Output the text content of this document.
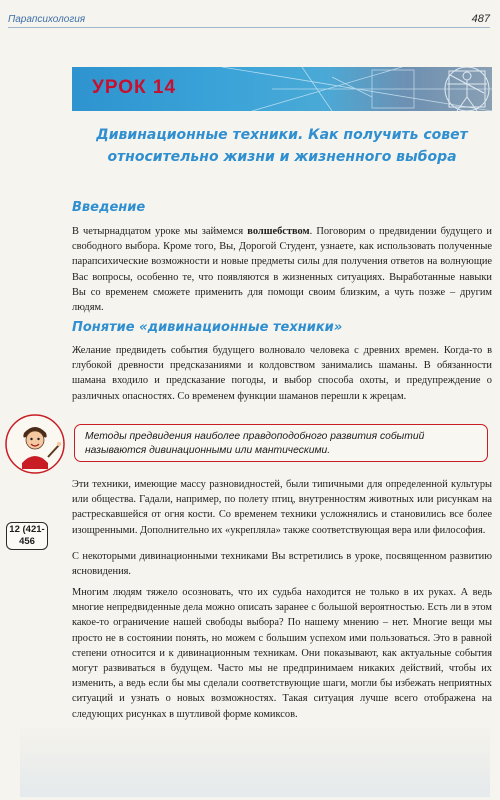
Парапсихология	487
УРОК 14
Дивинационные техники. Как получить совет
относительно жизни и жизненного выбора
Введение

В четырнадцатом уроке мы займемся волшебством. Поговорим о предвидении будущего и свободного выбора. Кроме того, Вы, Дорогой Студент, узнаете, как использовать полученные парапсихические возможности и новые предметы силы для получения ответов на волнующие Вас вопросы, особенно те, что появляются в жизненных ситуациях. Выработанные навыки Вы со временем сможете применить для помощи своим близким, а чуть позже – другим людям.

Понятие «дивинационные техники»

Желание предвидеть события будущего волновало человека с древних времен. Когда-то в глубокой древности предсказаниями и колдовством занимались шаманы. В обязанности шамана входило и предсказание погоды, и выбор способа охоты, и предупреждение о различных опасностях. Со временем функции шаманов перешли к жрецам.

Методы предвидения наиболее правдоподобного развития событий называются дивинационными или мантическими.

Эти техники, имеющие массу разновидностей, были типичными для определенной культуры или общества. Гадали, например, по полету птиц, внутренностям животных или рисункам на растрескавшейся от огня кости. Со временем техники усложнялись и становились все более изощренными. Дополнительно их «укрепляла» также соответствующая вера или философия.

12 (421-456

С некоторыми дивинационными техниками Вы встретились в уроке, посвященном развитию ясновидения.

Многим людям тяжело осозновать, что их судьба находится не только в их руках. А ведь многие непредвиденные дела можно описать заранее с большой вероятностью. Есть ли в этом какое-то ограничение нашей свободы выбора? По нашему мнению – нет. Многие вещи мы просто не в состоянии понять, но можем с большим успехом ими пользоваться. Это в равной степени относится и к дивинационным техникам. Они показывают, как актуальные события могут развиваться в будущем. Часто мы не предпринимаем никаких действий, чтобы их изменить, а ведь если бы мы сделали соответствующие шаги, могли бы избежать неприятных ситуаций и узнать о новых возможностях. Такая ситуация лучше всего отображена на следующих рисунках в шутливой форме комиксов.
